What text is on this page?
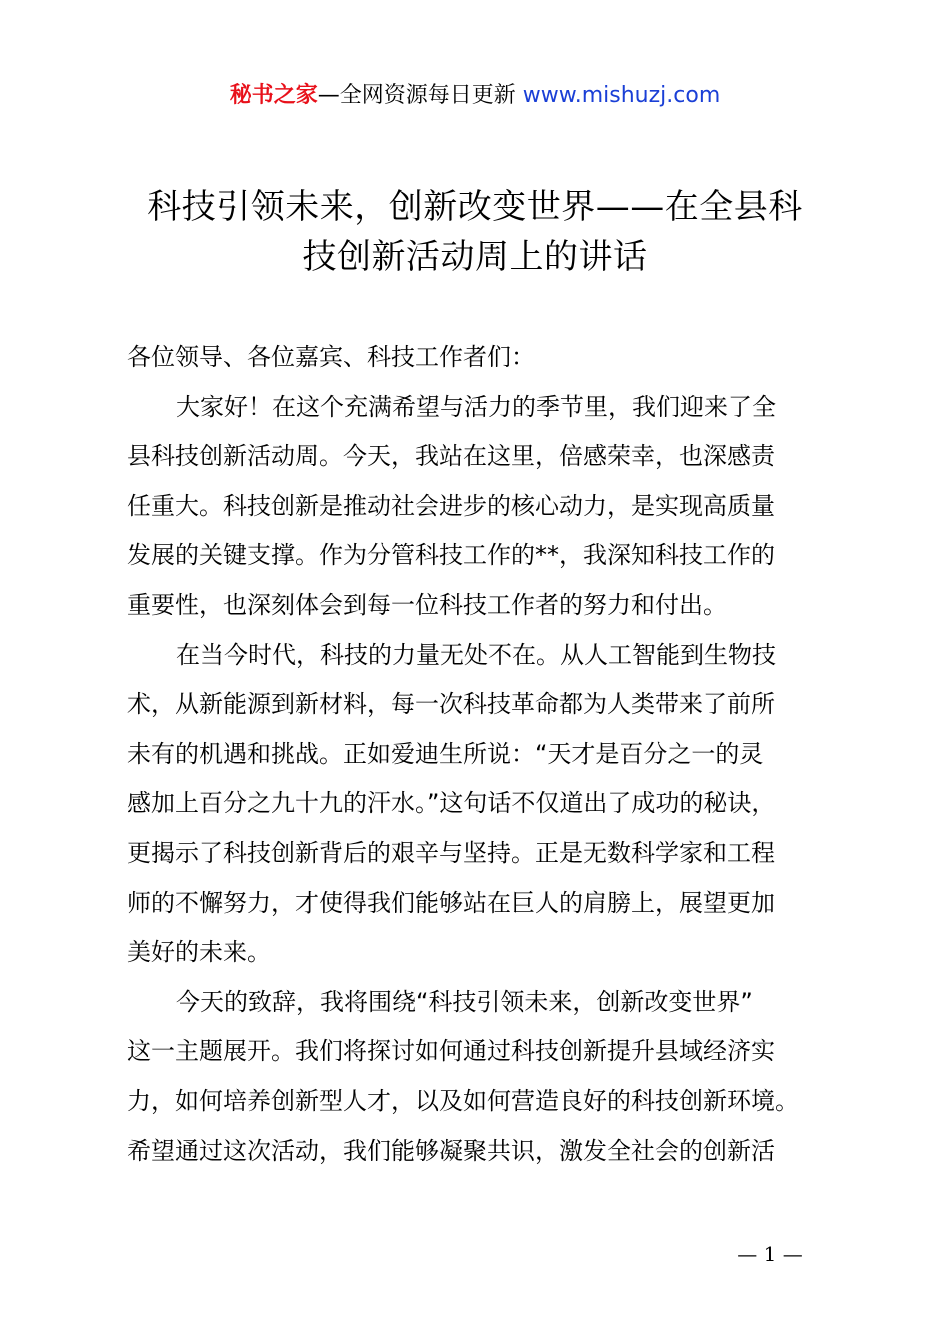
秘书之家—全网资源每日更新 www.mishuzj.com
科技引领未来，创新改变世界——在全县科
技创新活动周上的讲话

各位领导、各位嘉宾、科技工作者们：

大家好！在这个充满希望与活力的季节里，我们迎来了全
县科技创新活动周。今天，我站在这里，倍感荣幸，也深感责
任重大。科技创新是推动社会进步的核心动力，是实现高质量
发展的关键支撑。作为分管科技工作的**，我深知科技工作的
重要性，也深刻体会到每一位科技工作者的努力和付出。

在当今时代，科技的力量无处不在。从人工智能到生物技
术，从新能源到新材料，每一次科技革命都为人类带来了前所
未有的机遇和挑战。正如爱迪生所说：“天才是百分之一的灵
感加上百分之九十九的汗水。”这句话不仅道出了成功的秘诀，
更揭示了科技创新背后的艰辛与坚持。正是无数科学家和工程
师的不懈努力，才使得我们能够站在巨人的肩膀上，展望更加
美好的未来。

今天的致辞，我将围绕“科技引领未来，创新改变世界”
这一主题展开。我们将探讨如何通过科技创新提升县域经济实
力，如何培养创新型人才，以及如何营造良好的科技创新环境。
希望通过这次活动，我们能够凝聚共识，激发全社会的创新活

— 1 —
